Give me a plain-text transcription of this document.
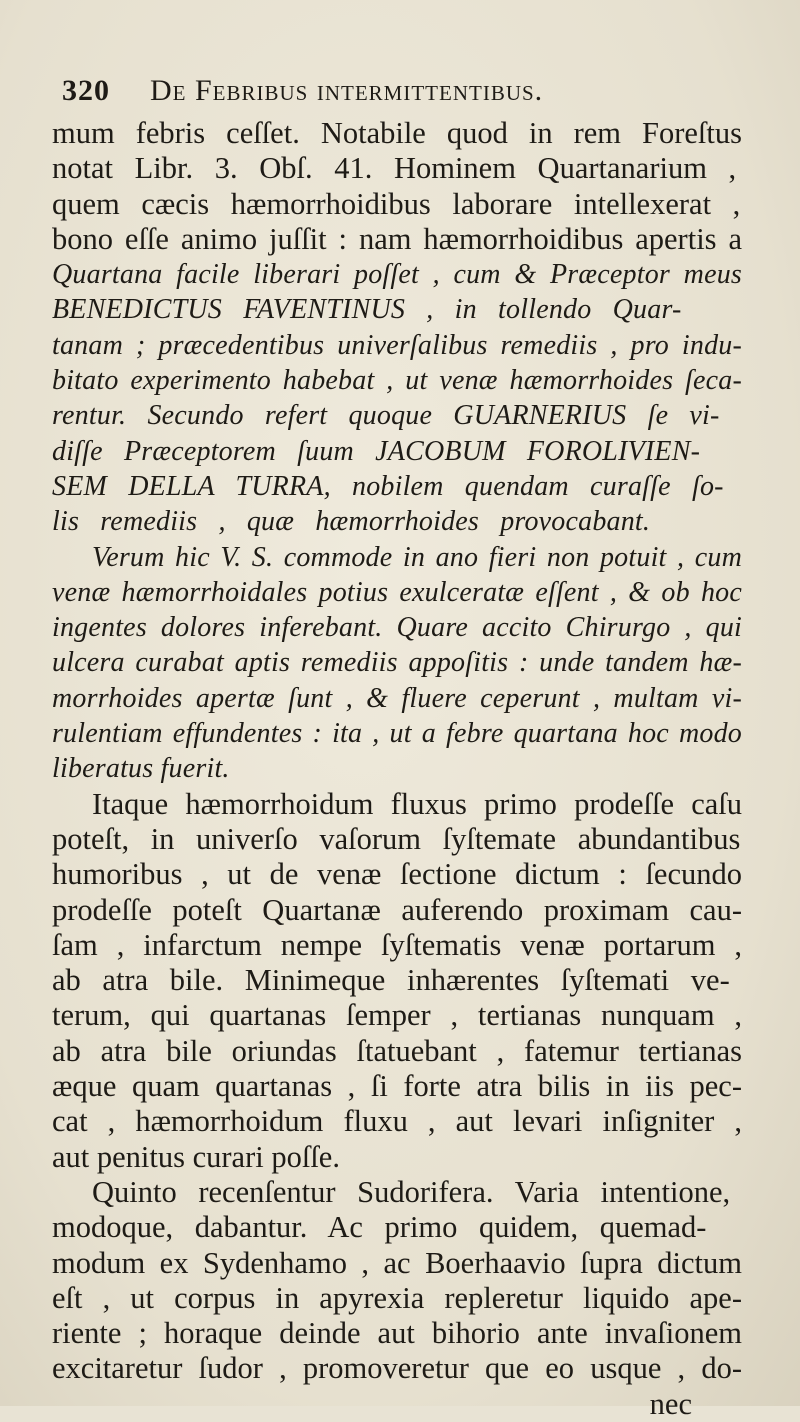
320 De Febribus intermittentibus.
mum febris ceſſet. Notabile quod in rem Foreſtus
notat Libr. 3. Obſ. 41. Hominem Quartanarium ,
quem cæcis hæmorrhoidibus laborare intellexerat ,
bono eſſe animo juſſit : nam hæmorrhoidibus apertis a
Quartana facile liberari poſſet , cum & Præceptor meus
BENEDICTUS FAVENTINUS , in tollendo Quar-
tanam ; præcedentibus univerſalibus remediis , pro indu-
bitato experimento habebat , ut venæ hæmorrhoides ſeca-
rentur. Secundo refert quoque GUARNERIUS ſe vi-
diſſe Præceptorem ſuum JACOBUM FOROLIVIEN-
SEM DELLA TURRA, nobilem quendam curaſſe ſo-
lis remediis , quæ hæmorrhoides provocabant.
Verum hic V. S. commode in ano fieri non potuit , cum
venæ hæmorrhoidales potius exulceratæ eſſent , & ob hoc
ingentes dolores inferebant. Quare accito Chirurgo , qui
ulcera curabat aptis remediis appoſitis : unde tandem hæ-
morrhoides apertæ ſunt , & fluere ceperunt , multam vi-
rulentiam effundentes : ita , ut a febre quartana hoc modo
liberatus fuerit.
Itaque hæmorrhoidum fluxus primo prodeſſe caſu
poteſt, in univerſo vaſorum ſyſtemate abundantibus
humoribus , ut de venæ ſectione dictum : ſecundo
prodeſſe poteſt Quartanæ auferendo proximam cau-
ſam , infarctum nempe ſyſtematis venæ portarum ,
ab atra bile. Minimeque inhærentes ſyſtemati ve-
terum, qui quartanas ſemper , tertianas nunquam ,
ab atra bile oriundas ſtatuebant , fatemur tertianas
æque quam quartanas , ſi forte atra bilis in iis pec-
cat , hæmorrhoidum fluxu , aut levari inſigniter ,
aut penitus curari poſſe.
Quinto recenſentur Sudorifera. Varia intentione,
modoque, dabantur. Ac primo quidem, quemad-
modum ex Sydenhamo , ac Boerhaavio ſupra dictum
eſt , ut corpus in apyrexia repleretur liquido ape-
riente ; horaque deinde aut bihorio ante invaſionem
excitaretur ſudor , promoveretur que eo usque , do-
nec
